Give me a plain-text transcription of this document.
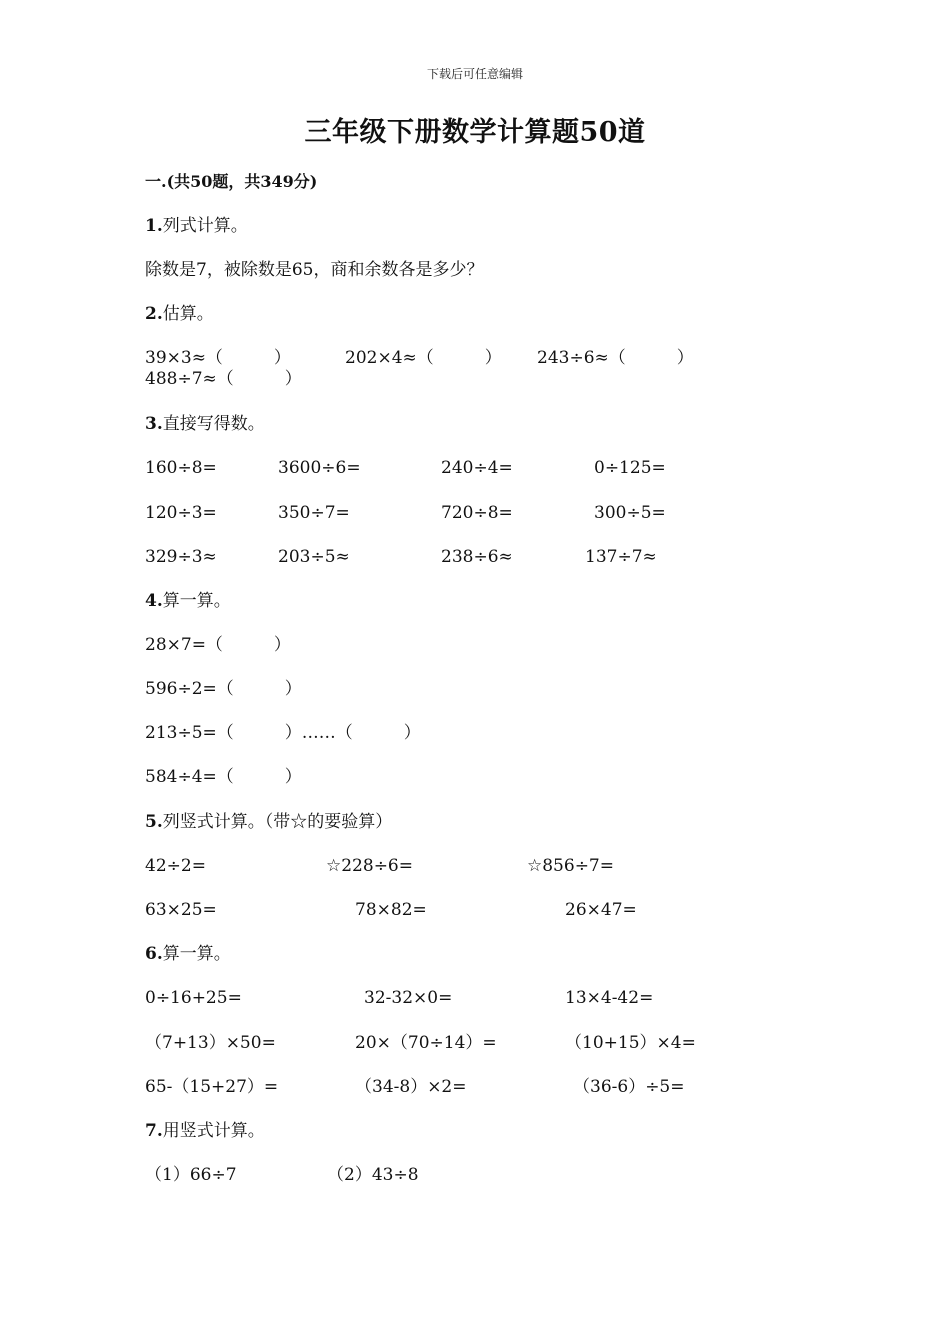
下载后可任意编辑
三年级下册数学计算题50道
一.(共50题，共349分)
1.列式计算。
除数是7，被除数是65，商和余数各是多少？
2.估算。
39×3≈（　　　）	202×4≈（　　　） 243÷6≈（　　　）
488÷7≈（　　　）
3.直接写得数。
160÷8=	3600÷6=	240÷4=	0÷125=
120÷3=	350÷7=	720÷8=	300÷5=
329÷3≈	203÷5≈	238÷6≈	137÷7≈
4.算一算。
28×7=（　　　）
596÷2=（　　　）
213÷5=（　　　）……（　　　）
584÷4=（　　　）
5.列竖式计算。（带☆的要验算）
42÷2=	☆228÷6=	☆856÷7=
63×25=	78×82=	26×47=
6.算一算。
0÷16+25=	32-32×0=	13×4-42=
（7+13）×50=	20×（70÷14）=	（10+15）×4=
65-（15+27）=	（34-8）×2=	（36-6）÷5=
7.用竖式计算。
（1）66÷7	（2）43÷8
